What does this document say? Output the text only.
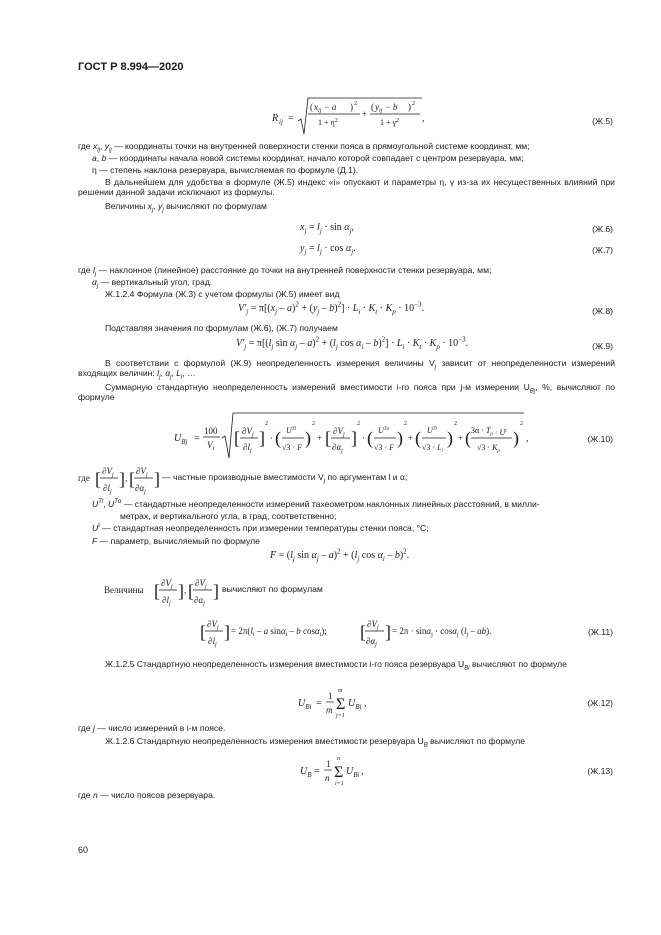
ГОСТ Р 8.994—2020
R ij =
( $x_{ij} - a$ ) 2
$1 + \eta^2$
+
( $y_{ij} - b$ ) 2
$1 + \gamma^2$ ,	(Ж.5)
где $x_{ij}$, $y_{ij}$ — координаты точки на внутренней поверхности стенки пояса в прямоугольной системе координат, мм;
a, b — координаты начала новой системы координат, начало которой совпадает с центром резервуара, мм;
η — степень наклона резервуара, вычисляемая по формуле (Д.1).
В дальнейшем для удобства в формуле (Ж.5) индекс «i» опускают и параметры η, γ из-за их несущественных влияний при решении данной задачи исключают из формулы.
Величины $x_j$, $y_j$ вычисляют по формулам
$x_j = l_j \cdot \sin \alpha_j$,	(Ж.6)
$y_j = l_j \cdot \cos \alpha_j$.	(Ж.7)
где $l_j$ — наклонное (линейное) расстояние до точки на внутренней поверхности стенки резервуара, мм;
$\alpha_j$ — вертикальный угол, град.
Ж.1.2.4 Формула (Ж.3) с учетом формулы (Ж.5) имеет вид
$V'_j = \pi[(x_j - a)^2 + (y_j - b)^2] \cdot L_i \cdot K_t \cdot K_p \cdot 10^{-3}$.	(Ж.8)
Подставляя значения по формулам (Ж.6), (Ж.7) получаем
$V'_j = \pi[(l_j$ $\sin \alpha_j - a)^2 + (l_j$ $\cos \alpha_i - b)^2] \cdot L_i \cdot K_t \cdot K_p \cdot 10^{-3}$.	(Ж.9)
В соответствии с формулой (Ж.9) неопределенность измерения величины $V_j$ зависит от неопределенности измерений входящих величин: $l_j$, $\alpha_j$, $L_i$, …
Суммарную стандартную неопределенность измерений вместимости i-го пояса при j-м измерении $U_{Bj}$, %, вычисляют по формуле
$U_{Bj}$ =
100
$V_i$
[ $\partial V_j$
$\partial l_j$
]
2
· ( $U^{Tl}$
√3 · F )
2
+ [ $\partial V_j$
$\partial\alpha_j$
]
2
· ( $U^{T\alpha}$
√3 · F )
2
+ ( $U^{Tl}$
$√3 \cdot L_i$
)
2
+ ( $3\alpha \cdot T_p \cdot U^t$
$√3 \cdot K_p$
)
2
,	(Ж.10)
где [ $\partial V_j$
$\partial l_j$
] , [ $\partial V_j$
$\partial\alpha_j$
] — частные производные вместимости $V_j$ по аргументам l и α;
$U^{Tl}$, $U^{T\alpha}$ — стандартные неопределенности измерений тахеометром наклонных линейных расстояний, в милли-
метрах, и вертикального угла, в град, соответственно;
$U^t$ — стандартная неопределенность при измерении температуры стенки пояса, °С;
F — параметр, вычисляемый по формуле
$F = (l_j$ $\sin \alpha_j - a)^2 + (l_j$ $\cos \alpha_i - b)^2$.
Величины [ $\partial V_j$
$\partial l_j$
] , [ $\partial V_j$
$\partial\alpha_j$
] вычисляют по формулам
[ $\partial V_j$
$\partial l_j$
] = $2\pi(l_i$ – a sinα$_i$ – b cosα$_i$); [ $\partial V_j$
$\partial\alpha_j$
] = 2π · sinα$_j$ · cosα$_j$ $(l_j - ab)$.	(Ж.11)
Ж.1.2.5 Стандартную неопределенность измерения вместимости i-го пояса резервуара $U_{Bi}$ вычисляют по формуле
$U_{Bi}$ =
1
m
m
Σ
j=1
$U_{Bj}$ ,	(Ж.12)
где j — число измерений в i-м поясе.
Ж.1.2.6 Стандартную неопределенность измерения вместимости резервуара $U_B$ вычисляют по формуле
$U_B$ =
1
n
n
Σ
i=1
$U_{Bi}$ ,	(Ж.13)
где n — число поясов резервуара.
60
